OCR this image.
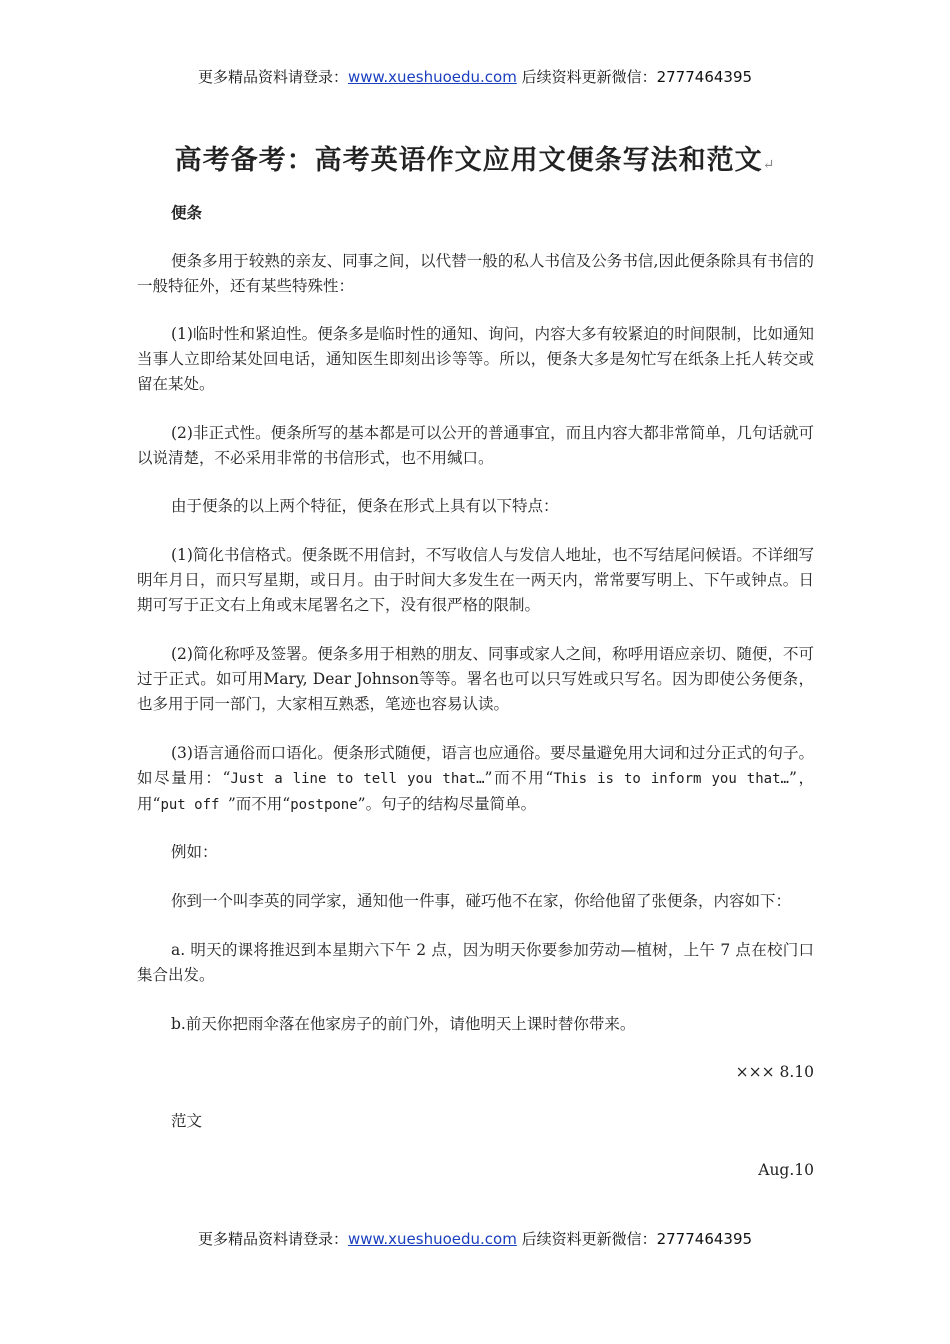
更多精品资料请登录：www.xueshuoedu.com 后续资料更新微信：2777464395
高考备考：高考英语作文应用文便条写法和范文↵

便条

便条多用于较熟的亲友、同事之间，以代替一般的私人书信及公务书信,因此便条除具有书信的一般特征外，还有某些特殊性：

(1)临时性和紧迫性。便条多是临时性的通知、询问，内容大多有较紧迫的时间限制，比如通知当事人立即给某处回电话，通知医生即刻出诊等等。所以，便条大多是匆忙写在纸条上托人转交或留在某处。

(2)非正式性。便条所写的基本都是可以公开的普通事宜，而且内容大都非常简单，几句话就可以说清楚，不必采用非常的书信形式，也不用缄口。

由于便条的以上两个特征，便条在形式上具有以下特点：

(1)简化书信格式。便条既不用信封，不写收信人与发信人地址，也不写结尾问候语。不详细写明年月日，而只写星期，或日月。由于时间大多发生在一两天内，常常要写明上、下午或钟点。日期可写于正文右上角或末尾署名之下，没有很严格的限制。

(2)简化称呼及签署。便条多用于相熟的朋友、同事或家人之间，称呼用语应亲切、随便，不可过于正式。如可用Mary, Dear Johnson等等。署名也可以只写姓或只写名。因为即使公务便条，也多用于同一部门，大家相互熟悉，笔迹也容易认读。

(3)语言通俗而口语化。便条形式随便，语言也应通俗。要尽量避免用大词和过分正式的句子。如尽量用：“Just a line to tell you that…”而不用“This is to inform you that…”，用“put off ”而不用“postpone”。句子的结构尽量简单。

例如：

你到一个叫李英的同学家，通知他一件事，碰巧他不在家，你给他留了张便条，内容如下：

a. 明天的课将推迟到本星期六下午 2 点，因为明天你要参加劳动—植树，上午 7 点在校门口集合出发。

b.前天你把雨伞落在他家房子的前门外，请他明天上课时替你带来。

××× 8.10

范文

Aug.10

更多精品资料请登录：www.xueshuoedu.com 后续资料更新微信：2777464395
